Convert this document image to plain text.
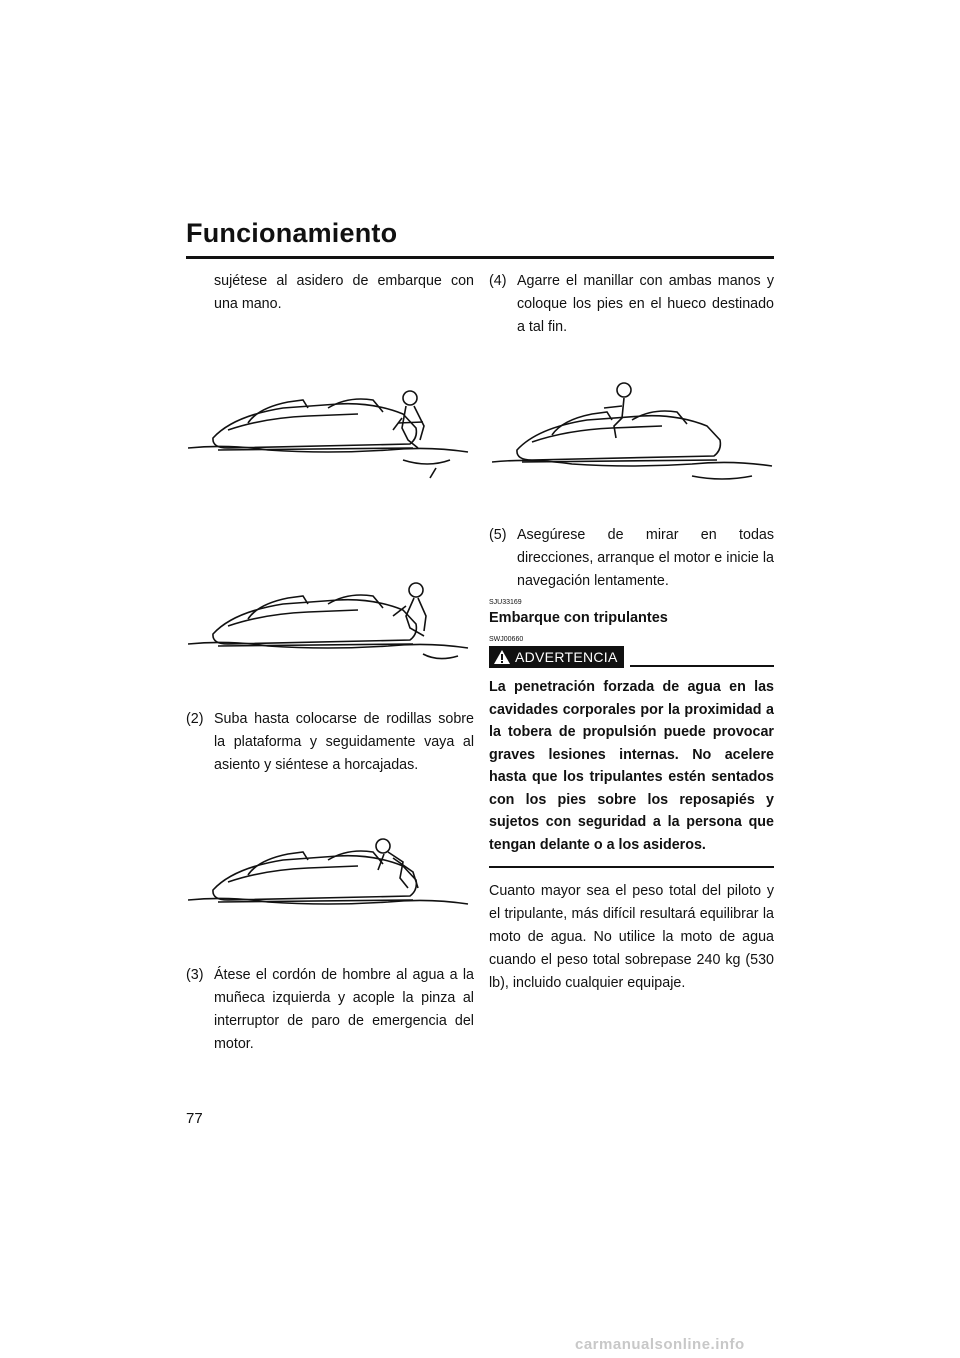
Funcionamiento
sujétese al asidero de embarque con una mano.
(2) Suba hasta colocarse de rodillas sobre la plataforma y seguidamente vaya al asiento y siéntese a horcajadas.
(3) Átese el cordón de hombre al agua a la muñeca izquierda y acople la pinza al interruptor de paro de emergencia del motor.
(4) Agarre el manillar con ambas manos y coloque los pies en el hueco destinado a tal fin.
(5) Asegúrese de mirar en todas direcciones, arranque el motor e inicie la navegación lentamente.
SJU33169
Embarque con tripulantes
SWJ00660
ADVERTENCIA
La penetración forzada de agua en las cavidades corporales por la proximidad a la tobera de propulsión puede provocar graves lesiones internas. No acelere hasta que los tripulantes estén sentados con los pies sobre los reposapiés y sujetos con seguridad a la persona que tengan delante o a los asideros.
Cuanto mayor sea el peso total del piloto y el tripulante, más difícil resultará equilibrar la moto de agua. No utilice la moto de agua cuando el peso total sobrepase 240 kg (530 lb), incluido cualquier equipaje.
77
carmanualsonline.info
